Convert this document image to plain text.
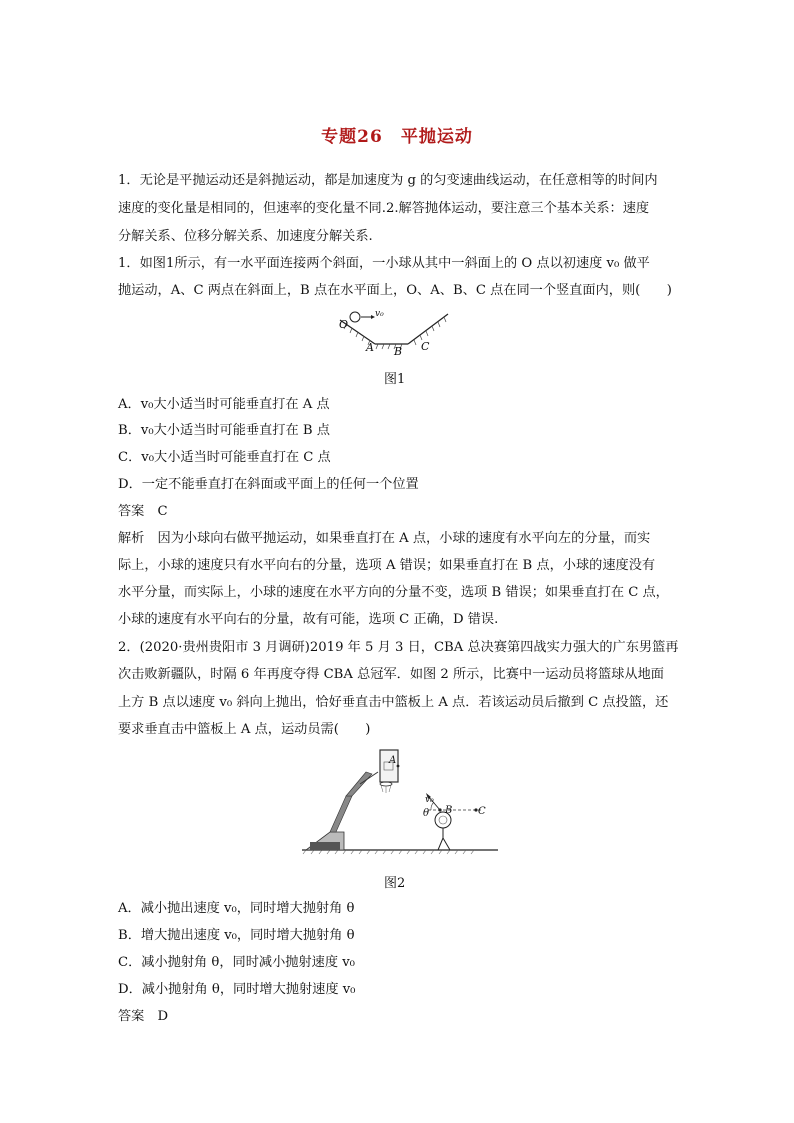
专题26　平抛运动
1．无论是平抛运动还是斜抛运动，都是加速度为 g 的匀变速曲线运动，在任意相等的时间内
速度的变化量是相同的，但速率的变化量不同.2.解答抛体运动，要注意三个基本关系：速度
分解关系、位移分解关系、加速度分解关系.
1．如图1所示，有一水平面连接两个斜面，一小球从其中一斜面上的 O 点以初速度 v₀ 做平
抛运动，A、C 两点在斜面上，B 点在水平面上，O、A、B、C 点在同一个竖直面内，则(　　)
O
v₀
A B C
图1
A．v₀大小适当时可能垂直打在 A 点
B．v₀大小适当时可能垂直打在 B 点
C．v₀大小适当时可能垂直打在 C 点
D．一定不能垂直打在斜面或平面上的任何一个位置
答案　C
解析　因为小球向右做平抛运动，如果垂直打在 A 点，小球的速度有水平向左的分量，而实
际上，小球的速度只有水平向右的分量，选项 A 错误；如果垂直打在 B 点，小球的速度没有
水平分量，而实际上，小球的速度在水平方向的分量不变，选项 B 错误；如果垂直打在 C 点，
小球的速度有水平向右的分量，故有可能，选项 C 正确，D 错误.
2．(2020·贵州贵阳市 3 月调研)2019 年 5 月 3 日，CBA 总决赛第四战实力强大的广东男篮再
次击败新疆队，时隔 6 年再度夺得 CBA 总冠军．如图 2 所示，比赛中一运动员将篮球从地面
上方 B 点以速度 v₀ 斜向上抛出，恰好垂直击中篮板上 A 点．若该运动员后撤到 C 点投篮，还
要求垂直击中篮板上 A 点，运动员需(　　)
A
v₀
θ B	C
图2
A．减小抛出速度 v₀，同时增大抛射角 θ
B．增大抛出速度 v₀，同时增大抛射角 θ
C．减小抛射角 θ，同时减小抛射速度 v₀
D．减小抛射角 θ，同时增大抛射速度 v₀
答案　D
